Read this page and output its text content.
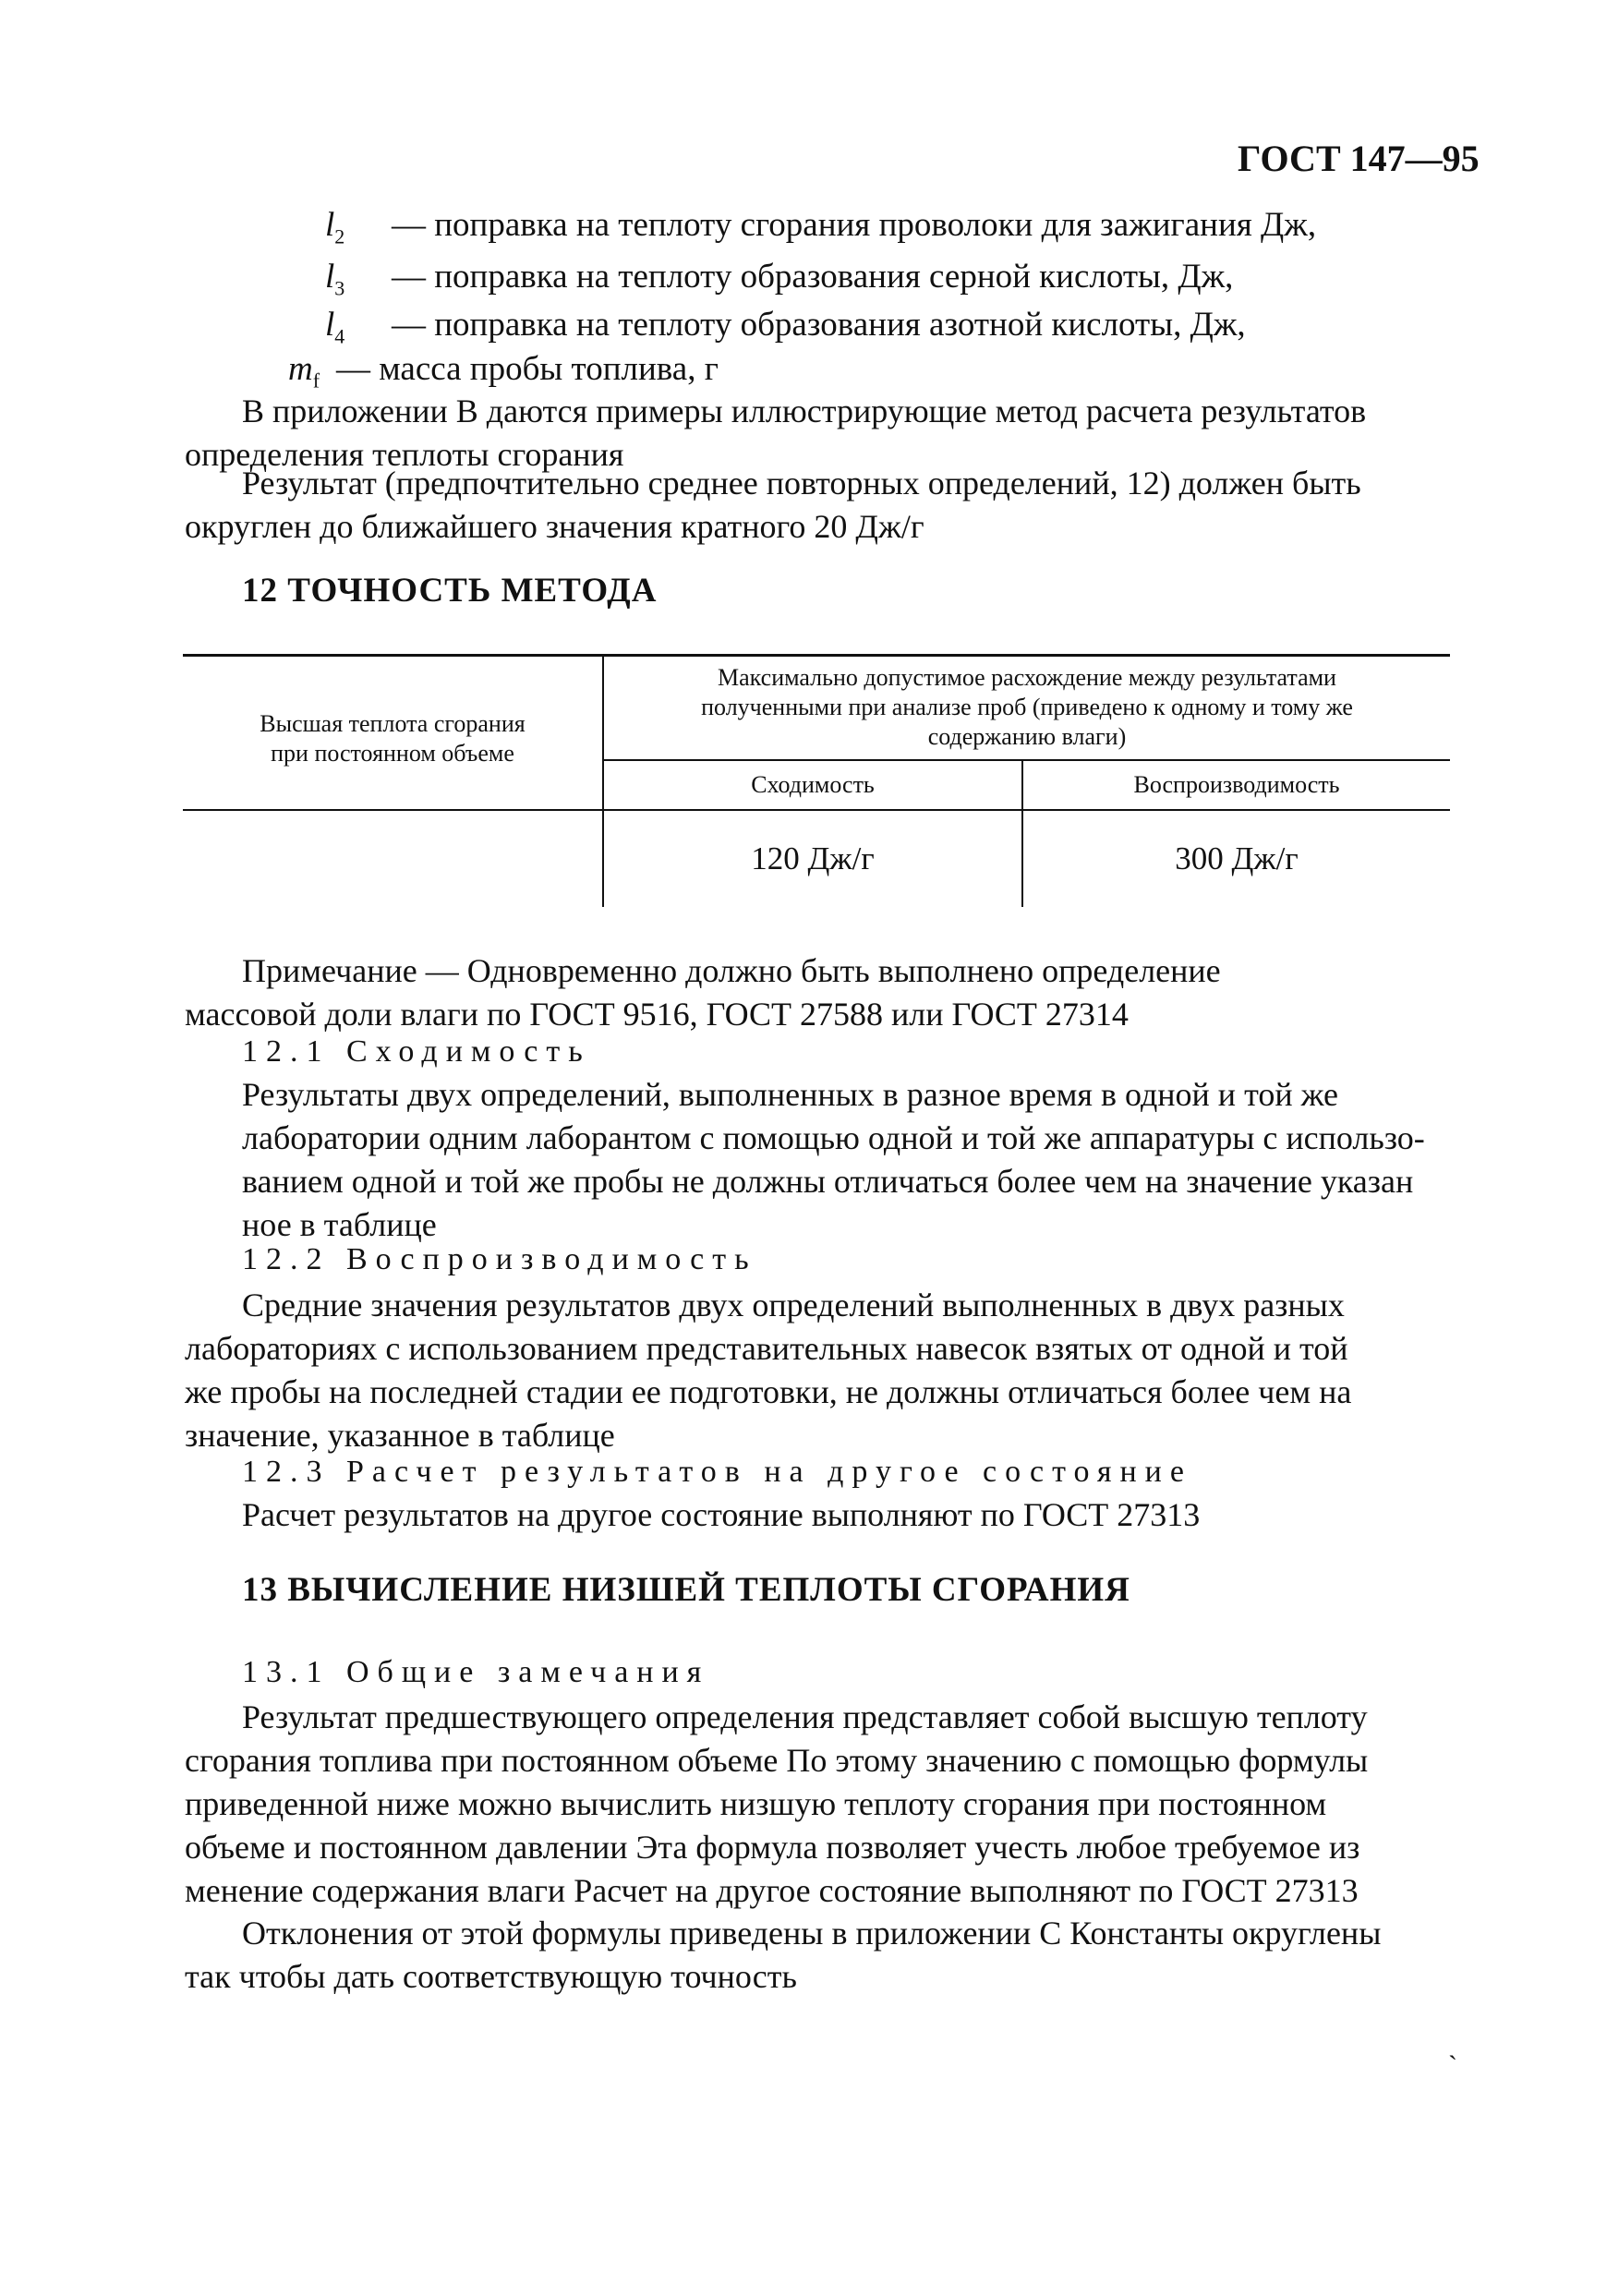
ГОСТ 147—95
$l_2$ — поправка на теплоту сгорания проволоки для зажигания Дж,
$l_3$ — поправка на теплоту образования серной кислоты, Дж,
$l_4$ — поправка на теплоту образования азотной кислоты, Дж,
$m_f$ — масса пробы топлива, г
В приложении В даются примеры иллюстрирующие метод расчета результатов
определения теплоты сгорания
Результат (предпочтительно среднее повторных определений, 12) должен быть
округлен до ближайшего значения кратного 20 Дж/г
12 ТОЧНОСТЬ МЕТОДА
Высшая теплота сгорания
при постоянном объеме
Максимально допустимое расхождение между результатами
полученными при анализе проб (приведено к одному и тому же
содержанию влаги)
Сходимость	Воспроизводимость
120 Дж/г	300 Дж/г
Примечание — Одновременно должно быть выполнено определение
массовой доли влаги по ГОСТ 9516, ГОСТ 27588 или ГОСТ 27314
12.1 Сходимость
Результаты двух определений, выполненных в разное время в одной и той же
лаборатории одним лаборантом с помощью одной и той же аппаратуры с использо-
ванием одной и той же пробы не должны отличаться более чем на значение указан
ное в таблице
12.2 Воспроизводимость
Средние значения результатов двух определений выполненных в двух разных
лабораториях с использованием представительных навесок взятых от одной и той
же пробы на последней стадии ее подготовки, не должны отличаться более чем на
значение, указанное в таблице
12.3 Расчет результатов на другое состояние
Расчет результатов на другое состояние выполняют по ГОСТ 27313
13 ВЫЧИСЛЕНИЕ НИЗШЕЙ ТЕПЛОТЫ СГОРАНИЯ
13.1 Общие замечания
Результат предшествующего определения представляет собой высшую теплоту
сгорания топлива при постоянном объеме По этому значению с помощью формулы
приведенной ниже можно вычислить низшую теплоту сгорания при постоянном
объеме и постоянном давлении Эта формула позволяет учесть любое требуемое из
менение содержания влаги Расчет на другое состояние выполняют по ГОСТ 27313
Отклонения от этой формулы приведены в приложении С Константы округлены
так чтобы дать соответствующую точность
`
